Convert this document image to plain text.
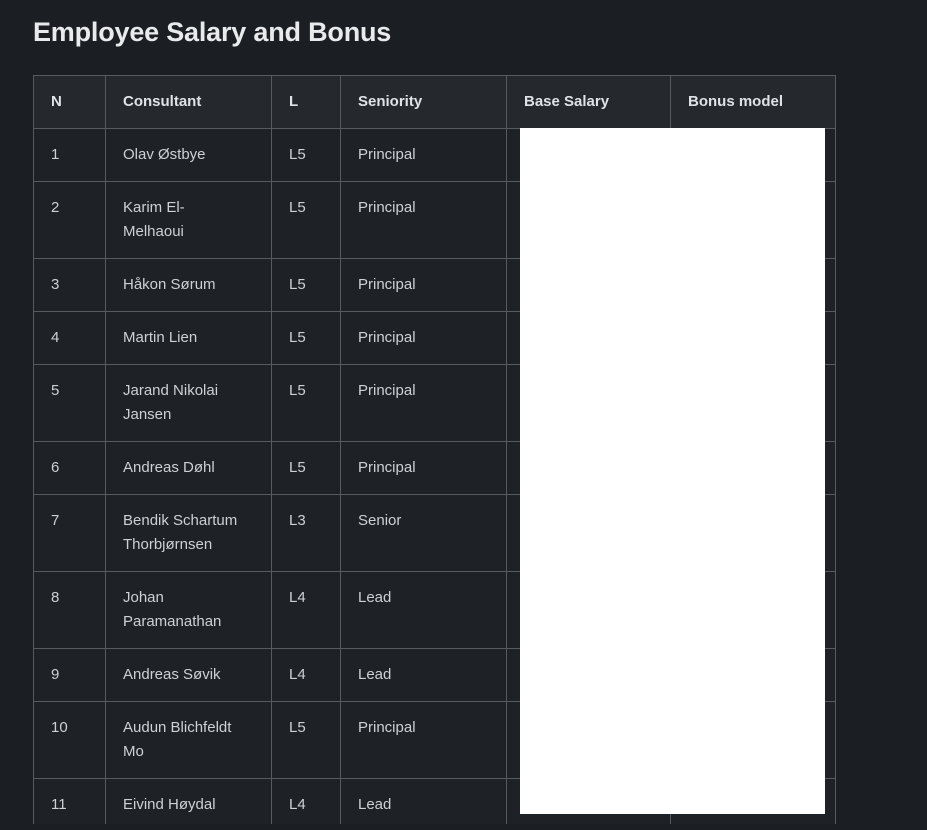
Employee Salary and Bonus
N	Consultant	L	Seniority	Base Salary	Bonus model
1	Olav Østbye	L5	Principal		
2	Karim El-Melhaoui	L5	Principal		
3	Håkon Sørum	L5	Principal		
4	Martin Lien	L5	Principal		
5	Jarand Nikolai Jansen	L5	Principal		
6	Andreas Døhl	L5	Principal		
7	Bendik Schartum Thorbjørnsen	L3	Senior		
8	Johan Paramanathan	L4	Lead		
9	Andreas Søvik	L4	Lead		
10	Audun Blichfeldt Mo	L5	Principal		
11	Eivind Høydal	L4	Lead		
